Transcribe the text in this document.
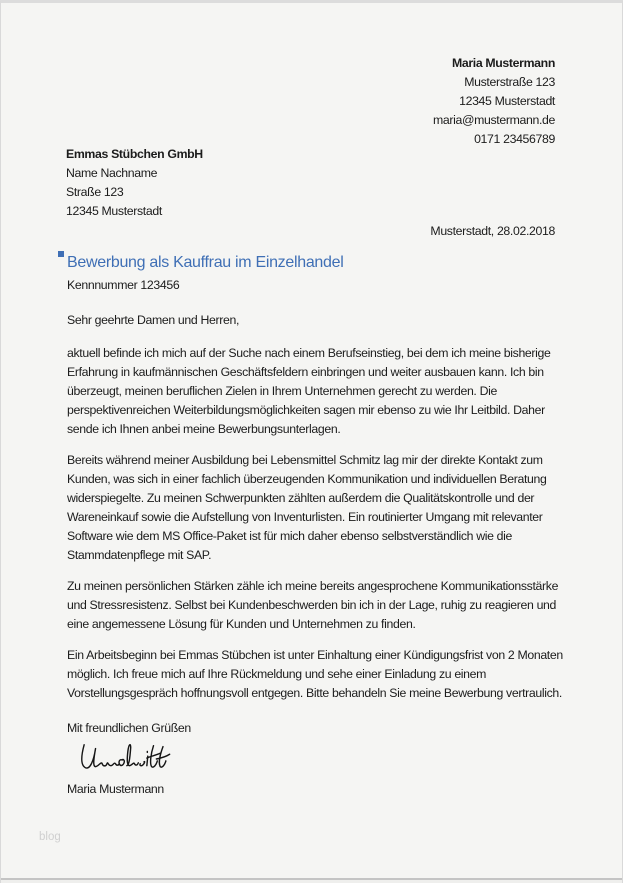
Maria Mustermann
Musterstraße 123
12345 Musterstadt
maria@mustermann.de
0171 23456789
Emmas Stübchen GmbH
Name Nachname
Straße 123
12345 Musterstadt
Musterstadt, 28.02.2018
Bewerbung als Kauffrau im Einzelhandel
Kennnummer 123456

Sehr geehrte Damen und Herren,

aktuell befinde ich mich auf der Suche nach einem Berufseinstieg, bei dem ich meine bisherige Erfahrung in kaufmännischen Geschäftsfeldern einbringen und weiter ausbauen kann. Ich bin überzeugt, meinen beruflichen Zielen in Ihrem Unternehmen gerecht zu werden. Die perspektivenreichen Weiterbildungsmöglichkeiten sagen mir ebenso zu wie Ihr Leitbild. Daher sende ich Ihnen anbei meine Bewerbungsunterlagen.

Bereits während meiner Ausbildung bei Lebensmittel Schmitz lag mir der direkte Kontakt zum Kunden, was sich in einer fachlich überzeugenden Kommunikation und individuellen Beratung widerspiegelte. Zu meinen Schwerpunkten zählten außerdem die Qualitätskontrolle und der Wareneinkauf sowie die Aufstellung von Inventurlisten. Ein routinierter Umgang mit relevanter Software wie dem MS Office-Paket ist für mich daher ebenso selbstverständlich wie die Stammdatenpflege mit SAP.

Zu meinen persönlichen Stärken zähle ich meine bereits angesprochene Kommunikationsstärke und Stressresistenz. Selbst bei Kundenbeschwerden bin ich in der Lage, ruhig zu reagieren und eine angemessene Lösung für Kunden und Unternehmen zu finden.

Ein Arbeitsbeginn bei Emmas Stübchen ist unter Einhaltung einer Kündigungsfrist von 2 Monaten möglich. Ich freue mich auf Ihre Rückmeldung und sehe einer Einladung zu einem Vorstellungsgespräch hoffnungsvoll entgegen. Bitte behandeln Sie meine Bewerbung vertraulich.

Mit freundlichen Grüßen

Maria Mustermann

blog
